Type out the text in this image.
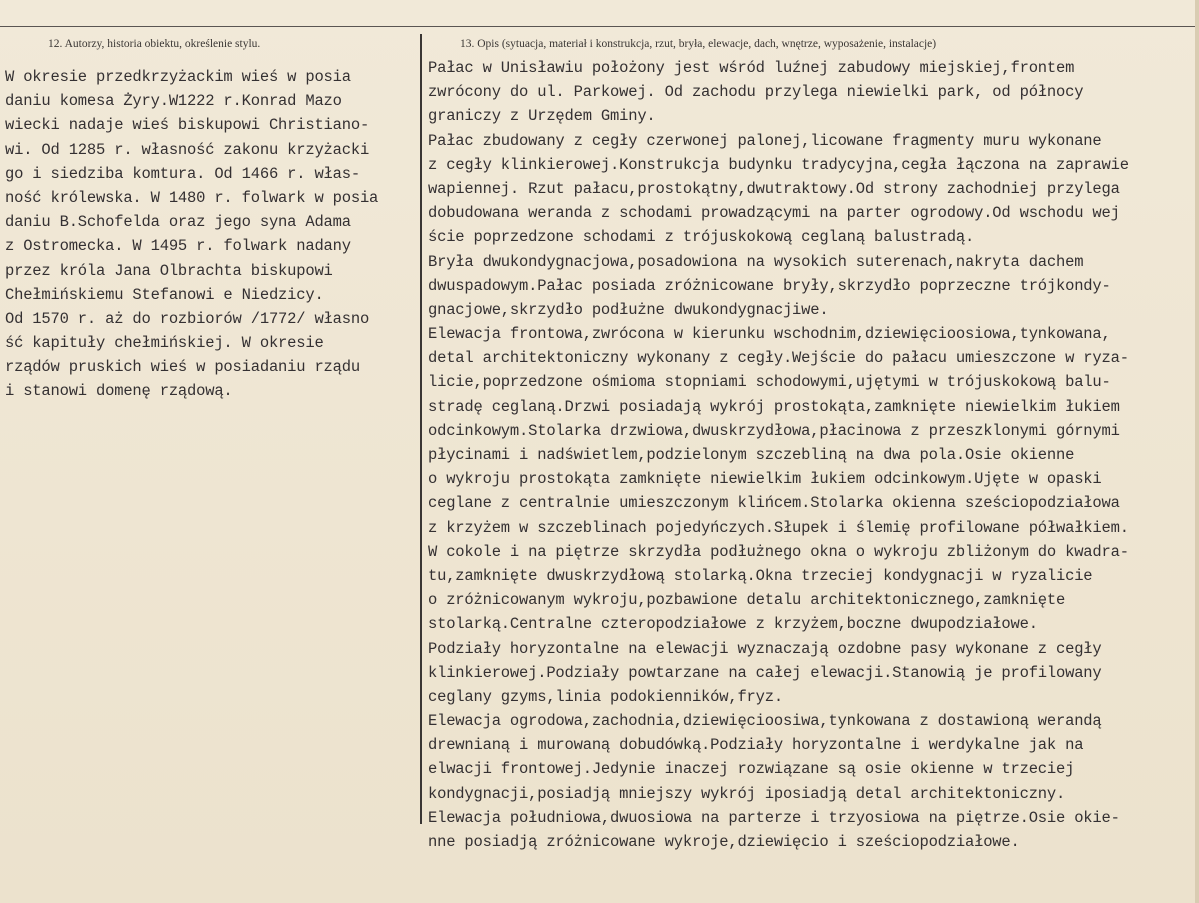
12. Autorzy, historia obiektu, określenie stylu.	13. Opis (sytuacja, materiał i konstrukcja, rzut, bryła, elewacje, dach, wnętrze, wyposażenie, instalacje)
W okresie przedkrzyżackim wieś w posia
daniu komesa Żyry.W1222 r.Konrad Mazo
wiecki nadaje wieś biskupowi Christiano-
wi. Od 1285 r. własność zakonu krzyżacki
go i siedziba komtura. Od 1466 r. włas-
ność królewska. W 1480 r. folwark w posia
daniu B.Schofelda oraz jego syna Adama
z Ostromecka. W 1495 r. folwark nadany
przez króla Jana Olbrachta biskupowi
Chełmińskiemu Stefanowi e Niedzicy.
Od 1570 r. aż do rozbiorów /1772/ własno
ść kapituły chełmińskiej. W okresie
rządów pruskich wieś w posiadaniu rządu
i stanowi domenę rządową.
Pałac w Unisławiu położony jest wśród luźnej zabudowy miejskiej,frontem
zwrócony do ul. Parkowej. Od zachodu przylega niewielki park, od północy
graniczy z Urzędem Gminy.
Pałac zbudowany z cegły czerwonej palonej,licowane fragmenty muru wykonane
z cegły klinkierowej.Konstrukcja budynku tradycyjna,cegła łączona na zaprawie
wapiennej. Rzut pałacu,prostokątny,dwutraktowy.Od strony zachodniej przylega
dobudowana weranda z schodami prowadzącymi na parter ogrodowy.Od wschodu wej
ście poprzedzone schodami z trójuskokową ceglaną balustradą.
Bryła dwukondygnacjowa,posadowiona na wysokich suterenach,nakryta dachem
dwuspadowym.Pałac posiada zróżnicowane bryły,skrzydło poprzeczne trójkondy-
gnacjowe,skrzydło podłużne dwukondygnacjiwe.
Elewacja frontowa,zwrócona w kierunku wschodnim,dziewięcioosiowa,tynkowana,
detal architektoniczny wykonany z cegły.Wejście do pałacu umieszczone w ryza-
licie,poprzedzone ośmioma stopniami schodowymi,ujętymi w trójuskokową balu-
stradę ceglaną.Drzwi posiadają wykrój prostokąta,zamknięte niewielkim łukiem
odcinkowym.Stolarka drzwiowa,dwuskrzydłowa,płacinowa z przeszklonymi górnymi
płycinami i nadświetlem,podzielonym szczebliną na dwa pola.Osie okienne
o wykroju prostokąta zamknięte niewielkim łukiem odcinkowym.Ujęte w opaski
ceglane z centralnie umieszczonym klińcem.Stolarka okienna sześciopodziałowa
z krzyżem w szczeblinach pojedyńczych.Słupek i ślemię profilowane półwałkiem.
W cokole i na piętrze skrzydła podłużnego okna o wykroju zbliżonym do kwadra-
tu,zamknięte dwuskrzydłową stolarką.Okna trzeciej kondygnacji w ryzalicie
o zróżnicowanym wykroju,pozbawione detalu architektonicznego,zamknięte
stolarką.Centralne czteropodziałowe z krzyżem,boczne dwupodziałowe.
Podziały horyzontalne na elewacji wyznaczają ozdobne pasy wykonane z cegły
klinkierowej.Podziały powtarzane na całej elewacji.Stanowią je profilowany
ceglany gzyms,linia podokienników,fryz.
Elewacja ogrodowa,zachodnia,dziewięcioosiwa,tynkowana z dostawioną werandą
drewnianą i murowaną dobudówką.Podziały horyzontalne i werdykalne jak na
elwacji frontowej.Jedynie inaczej rozwiązane są osie okienne w trzeciej
kondygnacji,posiadją mniejszy wykrój iposiadją detal architektoniczny.
Elewacja południowa,dwuosiowa na parterze i trzyosiowa na piętrze.Osie okie-
nne posiadją zróżnicowane wykroje,dziewięcio i sześciopodziałowe.
